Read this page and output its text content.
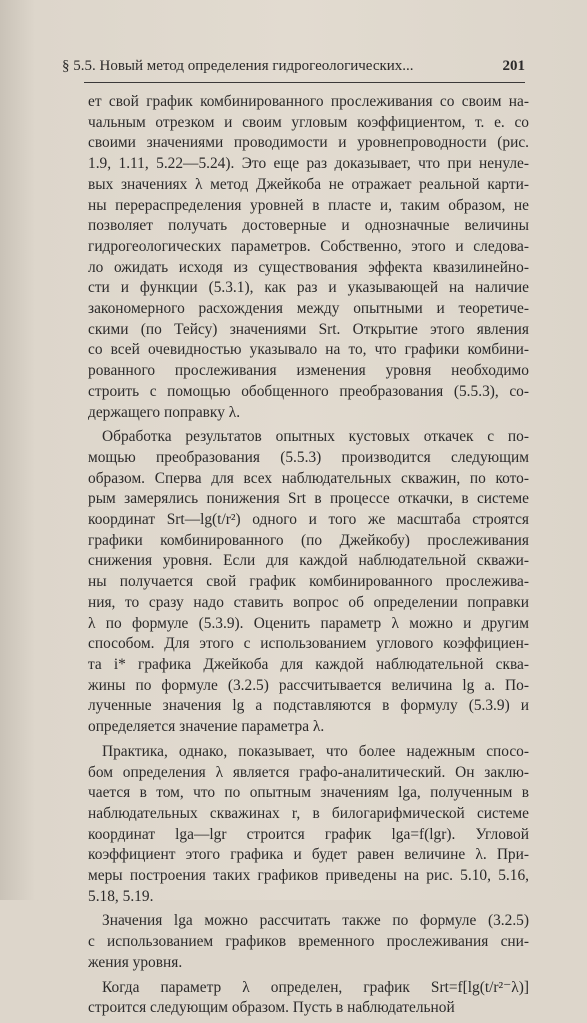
§ 5.5. Новый метод определения гидрогеологических...	201

ет свой график комбинированного прослеживания со своим на-
чальным отрезком и своим угловым коэффициентом, т. е. со
своими значениями проводимости и уровнепроводности (рис.
1.9, 1.11, 5.22—5.24). Это еще раз доказывает, что при ненуле-
вых значениях λ метод Джейкоба не отражает реальной карти-
ны перераспределения уровней в пласте и, таким образом, не
позволяет получать достоверные и однозначные величины
гидрогеологических параметров. Собственно, этого и следова-
ло ожидать исходя из существования эффекта квазилинейно-
сти и функции (5.3.1), как раз и указывающей на наличие
закономерного расхождения между опытными и теоретиче-
скими (по Тейсу) значениями Srt. Открытие этого явления
со всей очевидностью указывало на то, что графики комбини-
рованного прослеживания изменения уровня необходимо
строить с помощью обобщенного преобразования (5.5.3), со-
держащего поправку λ.

Обработка результатов опытных кустовых откачек с по-
мощью преобразования (5.5.3) производится следующим
образом. Сперва для всех наблюдательных скважин, по кото-
рым замерялись понижения Srt в процессе откачки, в системе
координат Srt—lg(t/r²) одного и того же масштаба строятся
графики комбинированного (по Джейкобу) прослеживания
снижения уровня. Если для каждой наблюдательной скважи-
ны получается свой график комбинированного прослежива-
ния, то сразу надо ставить вопрос об определении поправки
λ по формуле (5.3.9). Оценить параметр λ можно и другим
способом. Для этого с использованием углового коэффициен-
та i* графика Джейкоба для каждой наблюдательной сква-
жины по формуле (3.2.5) рассчитывается величина lg a. По-
лученные значения lg a подставляются в формулу (5.3.9) и
определяется значение параметра λ.

Практика, однако, показывает, что более надежным спосо-
бом определения λ является графо-аналитический. Он заклю-
чается в том, что по опытным значениям lga, полученным в
наблюдательных скважинах r, в билогарифмической системе
координат lga—lgr строится график lga=f(lgr). Угловой
коэффициент этого графика и будет равен величине λ. При-
меры построения таких графиков приведены на рис. 5.10, 5.16,
5.18, 5.19.

Значения lga можно рассчитать также по формуле (3.2.5)
с использованием графиков временного прослеживания сни-
жения уровня.

Когда параметр λ определен, график Srt=f[lg(t/r²⁻λ)]
строится следующим образом. Пусть в наблюдательной
